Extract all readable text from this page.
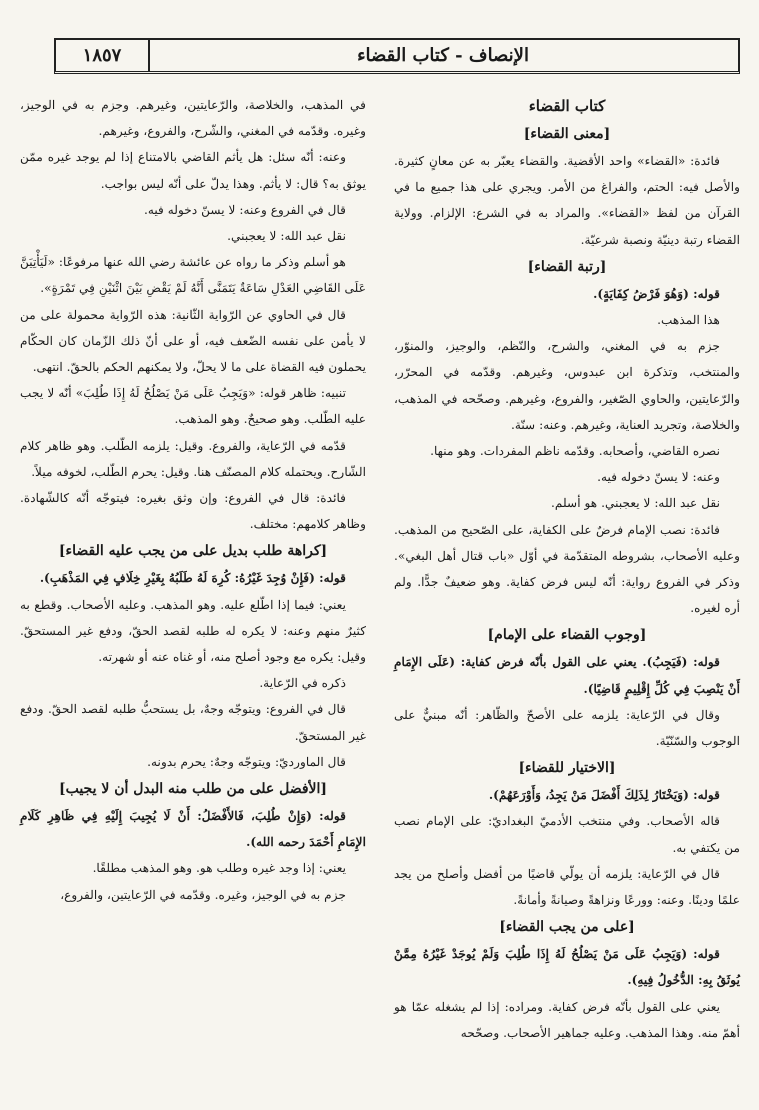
١٨٥٧	الإنصاف - كتاب القضاء

كتاب القضاء

[معنى القضاء]

فائدة: «القضاء» واحد الأقضية. والقضاء يعبّر به عن معانٍ كثيرة. والأصل فيه: الحتم، والفراغ من الأمر. ويجري على هذا جميع ما في القرآن من لفظ «القضاء». والمراد به في الشرع: الإلزام. وولاية القضاء رتبة دينيّة ونصبة شرعيّة.

[رتبة القضاء]

قوله: (وَهُوَ فَرْضُ كِفَايَةٍ).

هذا المذهب.

جزم به في المغني، والشرح، والنّظم، والوجيز، والمنوّر، والمنتخب، وتذكرة ابن عبدوس، وغيرهم. وقدّمه في المحرّر، والرّعايتين، والحاوي الصّغير، والفروع، وغيرهم. وصحّحه في المذهب، والخلاصة، وتجريد العناية، وغيرهم. وعنه: سنّة.

نصره القاضي، وأصحابه. وقدّمه ناظم المفردات. وهو منها.

وعنه: لا يسنّ دخوله فيه.

نقل عبد الله: لا يعجبني. هو أسلم.

فائدة: نصب الإمام فرضٌ على الكفاية، على الصّحيح من المذهب. وعليه الأصحاب، بشروطه المتقدّمة في أوّل «باب قتال أهل البغي». وذكر في الفروع رواية: أنّه ليس فرض كفاية. وهو ضعيفٌ جدًّا. ولم أره لغيره.

[وجوب القضاء على الإمام]

قوله: (فَيَجِبُ). يعني على القول بأنّه فرض كفاية: (عَلَى الإِمَامِ أَنْ يَنْصِبَ فِي كُلِّ إِقْلِيمٍ قَاضِيًا).

وقال في الرّعاية: يلزمه على الأصحّ والظّاهر: أنّه مبنيٌّ على الوجوب والسّنّيّة.

[الاختيار للقضاء]

قوله: (وَيَخْتَارُ لِذَلِكَ أَفْضَلَ مَنْ يَجِدُ، وَأَوْرَعَهُمْ).

قاله الأصحاب. وفي منتخب الأدميّ البغداديّ: على الإمام نصب من يكتفي به.

قال في الرّعاية: يلزمه أن يولّي قاضيًا من أفضل وأصلح من يجد علمًا ودينًا. وعنه: وورعًا ونزاهةً وصيانةً وأمانةً.

[على من يجب القضاء]

قوله: (وَيَجِبُ عَلَى مَنْ يَصْلُحُ لَهُ إِذَا طُلِبَ وَلَمْ يُوجَدْ غَيْرُهُ مِمَّنْ يُوثَقُ بِهِ: الدُّخُولُ فِيهِ).

يعني على القول بأنّه فرض كفاية. ومراده: إذا لم يشغله عمّا هو أهمّ منه. وهذا المذهب. وعليه جماهير الأصحاب. وصحّحه

في المذهب، والخلاصة، والرّعايتين، وغيرهم. وجزم به في الوجيز، وغيره. وقدّمه في المغني، والشّرح، والفروع، وغيرهم.

وعنه: أنّه سئل: هل يأثم القاضي بالامتناع إذا لم يوجد غيره ممّن يوثق به؟ قال: لا يأثم. وهذا يدلّ على أنّه ليس بواجب.

قال في الفروع وعنه: لا يسنّ دخوله فيه.

نقل عبد الله: لا يعجبني.

هو أسلم وذكر ما رواه عن عائشة رضي الله عنها مرفوعًا: «لَيَأْتِيَنَّ عَلَى القَاضِي العَدْلِ سَاعَةٌ يَتَمَنَّى أَنَّهُ لَمْ يَقْضِ بَيْنَ اثْنَيْنِ فِي تَمْرَةٍ».

قال في الحاوي عن الرّواية الثّانية: هذه الرّواية محمولة على من لا يأمن على نفسه الضّعف فيه، أو على أنّ ذلك الزّمان كان الحكّام يحملون فيه القضاة على ما لا يحلّ، ولا يمكنهم الحكم بالحقّ. انتهى.

تنبيه: ظاهر قوله: «وَيَجِبُ عَلَى مَنْ يَصْلُحُ لَهُ إِذَا طُلِبَ» أنّه لا يجب عليه الطّلب. وهو صحيحٌ. وهو المذهب.

قدّمه في الرّعاية، والفروع. وقيل: يلزمه الطّلب. وهو ظاهر كلام الشّارح. ويحتمله كلام المصنّف هنا. وقيل: يحرم الطّلب، لخوفه ميلاً.

فائدة: قال في الفروع: وإن وثق بغيره: فيتوجّه أنّه كالشّهادة. وظاهر كلامهم: مختلف.

[كراهة طلب بديل على من يجب عليه القضاء]

قوله: (فَإِنْ وُجِدَ غَيْرُهُ: كُرِهَ لَهُ طَلَبُهُ بِغَيْرِ خِلَافٍ فِي المَذْهَبِ).

يعني: فيما إذا اطّلع عليه. وهو المذهب. وعليه الأصحاب. وقطع به كثيرٌ منهم وعنه: لا يكره له طلبه لقصد الحقّ، ودفع غير المستحقّ. وقيل: يكره مع وجود أصلح منه، أو غناه عنه أو شهرته.

ذكره في الرّعاية.

قال في الفروع: ويتوجّه وجهٌ، بل يستحبُّ طلبه لقصد الحقّ. ودفع غير المستحقّ.

قال الماورديّ: ويتوجّه وجهٌ: يحرم بدونه.

[الأفضل على من طلب منه البدل أن لا يجيب]

قوله: (وَإِنْ طُلِبَ، فَالأَفْضَلُ: أَنْ لَا يُجِيبَ إِلَيْهِ فِي ظَاهِرِ كَلَامِ الإِمَامِ أَحْمَدَ رحمه الله).

يعني: إذا وجد غيره وطلب هو. وهو المذهب مطلقًا.

جزم به في الوجيز، وغيره. وقدّمه في الرّعايتين، والفروع،
